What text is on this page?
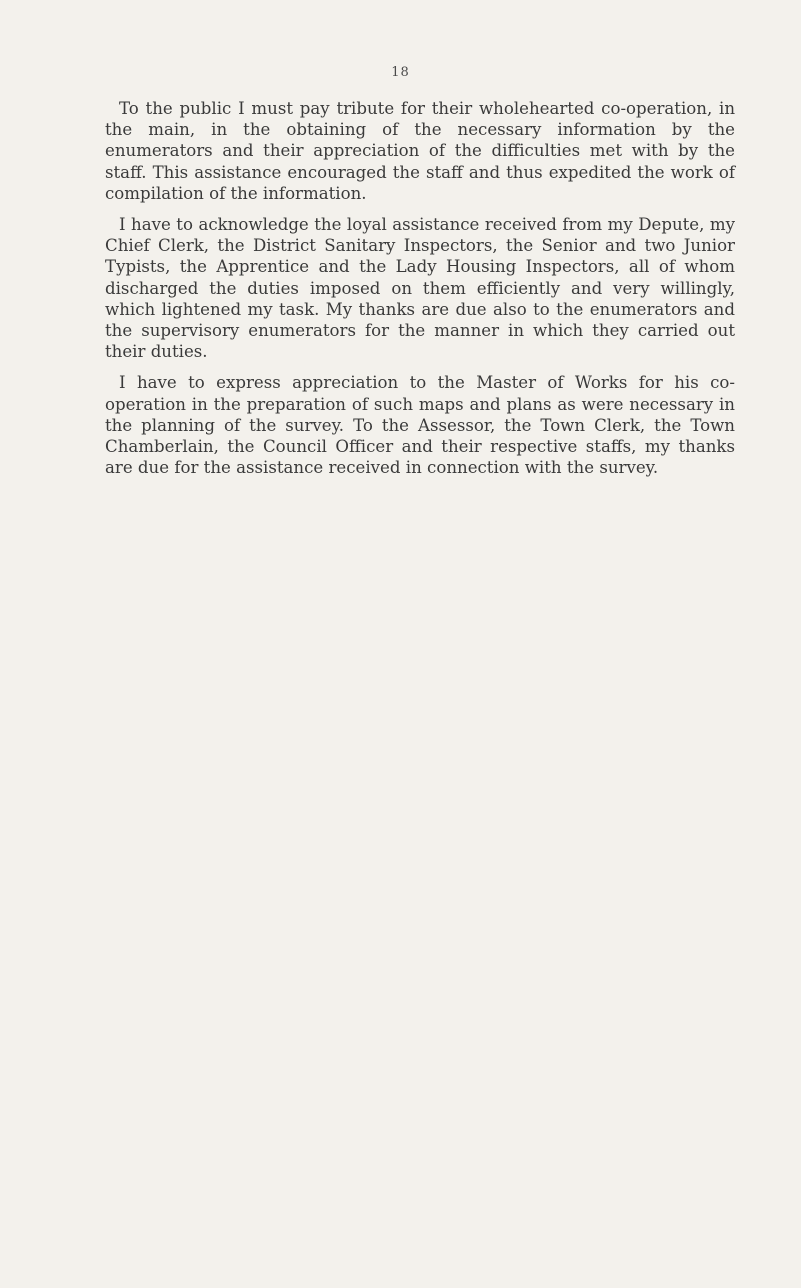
18

To the public I must pay tribute for their wholehearted co-operation, in the main, in the obtaining of the necessary information by the enumerators and their appreciation of the difficulties met with by the staff. This assistance encouraged the staff and thus expedited the work of compilation of the information.

I have to acknowledge the loyal assistance received from my Depute, my Chief Clerk, the District Sanitary Inspectors, the Senior and two Junior Typists, the Apprentice and the Lady Housing Inspectors, all of whom discharged the duties imposed on them efficiently and very willingly, which lightened my task. My thanks are due also to the enumerators and the supervisory enumerators for the manner in which they carried out their duties.

I have to express appreciation to the Master of Works for his co-operation in the preparation of such maps and plans as were necessary in the planning of the survey. To the Assessor, the Town Clerk, the Town Chamberlain, the Council Officer and their respective staffs, my thanks are due for the assistance received in connection with the survey.
